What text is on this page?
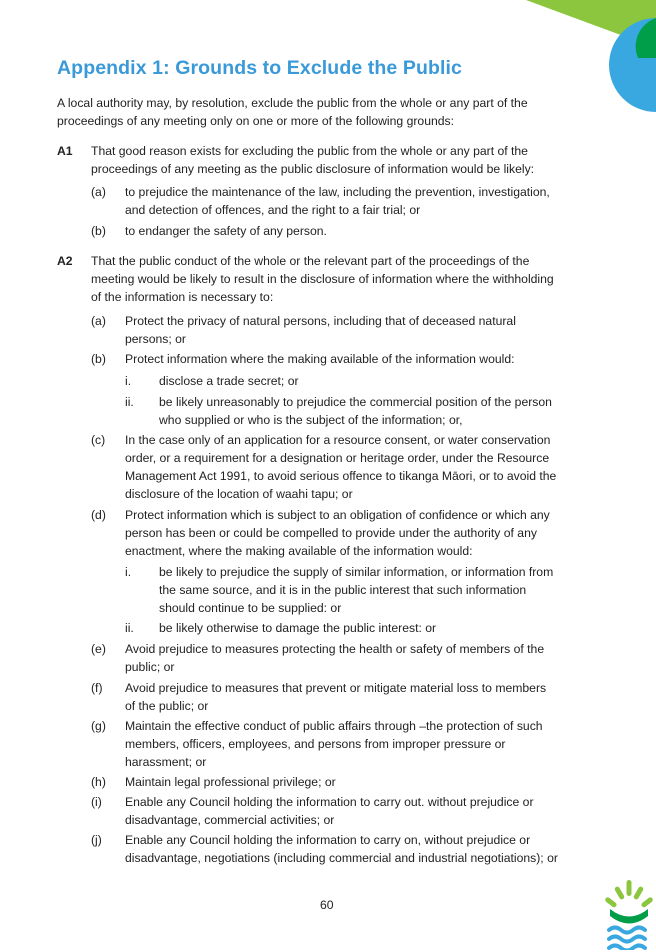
Appendix 1: Grounds to Exclude the Public
A local authority may, by resolution, exclude the public from the whole or any part of the
proceedings of any meeting only on one or more of the following grounds:
A1 That good reason exists for excluding the public from the whole or any part of the
proceedings of any meeting as the public disclosure of information would be likely:
(a) to prejudice the maintenance of the law, including the prevention, investigation,
and detection of offences, and the right to a fair trial; or
(b) to endanger the safety of any person.
A2 That the public conduct of the whole or the relevant part of the proceedings of the
meeting would be likely to result in the disclosure of information where the withholding
of the information is necessary to:
(a) Protect the privacy of natural persons, including that of deceased natural
persons; or
(b) Protect information where the making available of the information would:
i. disclose a trade secret; or
ii. be likely unreasonably to prejudice the commercial position of the person
who supplied or who is the subject of the information; or,
(c) In the case only of an application for a resource consent, or water conservation
order, or a requirement for a designation or heritage order, under the Resource
Management Act 1991, to avoid serious offence to tikanga Māori, or to avoid the
disclosure of the location of waahi tapu; or
(d) Protect information which is subject to an obligation of confidence or which any
person has been or could be compelled to provide under the authority of any
enactment, where the making available of the information would:
i. be likely to prejudice the supply of similar information, or information from
the same source, and it is in the public interest that such information
should continue to be supplied: or
ii. be likely otherwise to damage the public interest: or
(e) Avoid prejudice to measures protecting the health or safety of members of the
public; or
(f) Avoid prejudice to measures that prevent or mitigate material loss to members
of the public; or
(g) Maintain the effective conduct of public affairs through –the protection of such
members, officers, employees, and persons from improper pressure or
harassment; or
(h) Maintain legal professional privilege; or
(i) Enable any Council holding the information to carry out. without prejudice or
disadvantage, commercial activities; or
(j) Enable any Council holding the information to carry on, without prejudice or
disadvantage, negotiations (including commercial and industrial negotiations); or
60
